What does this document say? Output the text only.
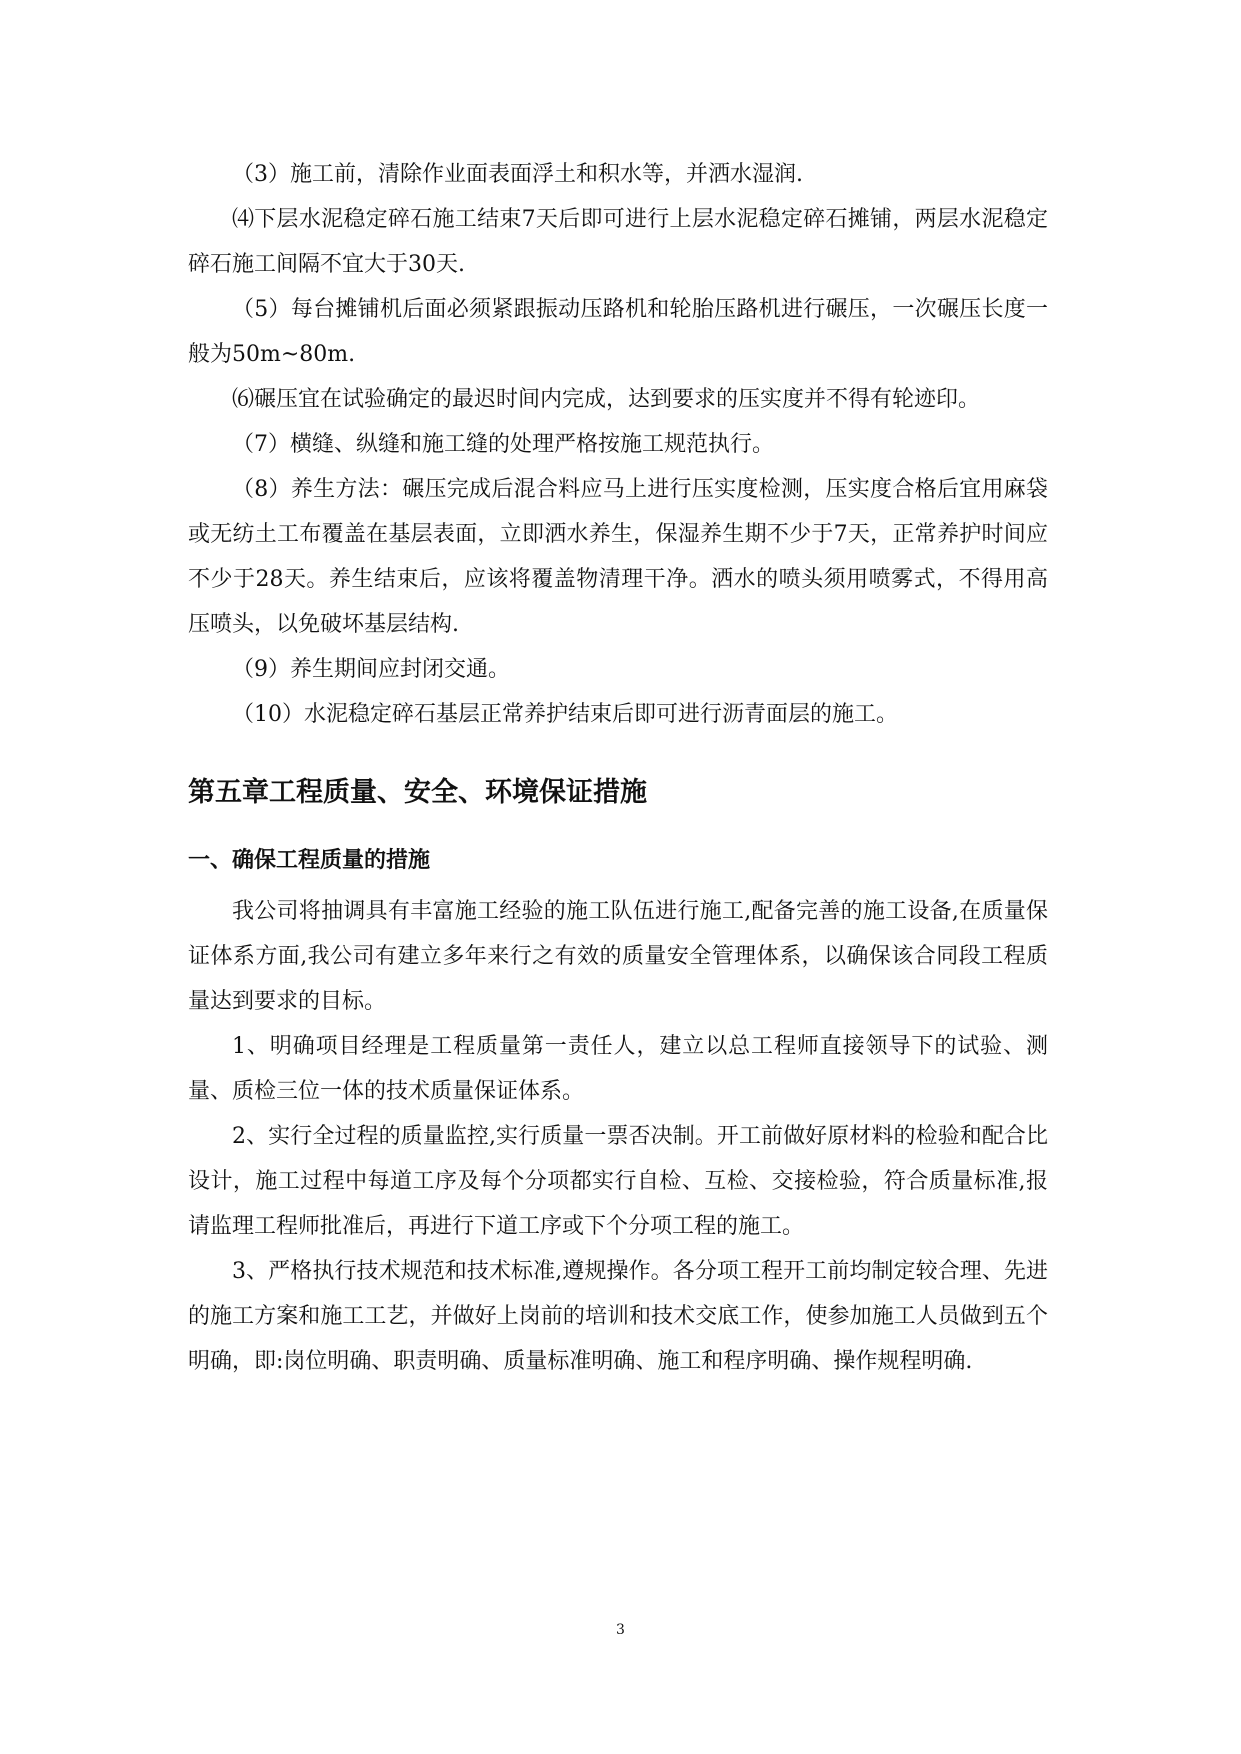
（3）施工前，清除作业面表面浮土和积水等，并洒水湿润.

⑷下层水泥稳定碎石施工结束7天后即可进行上层水泥稳定碎石摊铺，两层水泥稳定碎石施工间隔不宜大于30天.

（5）每台摊铺机后面必须紧跟振动压路机和轮胎压路机进行碾压，一次碾压长度一般为50m~80m.

⑹碾压宜在试验确定的最迟时间内完成，达到要求的压实度并不得有轮迹印。

（7）横缝、纵缝和施工缝的处理严格按施工规范执行。

（8）养生方法：碾压完成后混合料应马上进行压实度检测，压实度合格后宜用麻袋或无纺土工布覆盖在基层表面，立即洒水养生，保湿养生期不少于7天，正常养护时间应不少于28天。养生结束后，应该将覆盖物清理干净。洒水的喷头须用喷雾式，不得用高压喷头，以免破坏基层结构.

（9）养生期间应封闭交通。

（10）水泥稳定碎石基层正常养护结束后即可进行沥青面层的施工。

第五章工程质量、安全、环境保证措施
一、确保工程质量的措施

我公司将抽调具有丰富施工经验的施工队伍进行施工,配备完善的施工设备,在质量保证体系方面,我公司有建立多年来行之有效的质量安全管理体系，以确保该合同段工程质量达到要求的目标。

1、明确项目经理是工程质量第一责任人，建立以总工程师直接领导下的试验、测量、质检三位一体的技术质量保证体系。

2、实行全过程的质量监控,实行质量一票否决制。开工前做好原材料的检验和配合比设计，施工过程中每道工序及每个分项都实行自检、互检、交接检验，符合质量标准,报请监理工程师批准后，再进行下道工序或下个分项工程的施工。

3、严格执行技术规范和技术标准,遵规操作。各分项工程开工前均制定较合理、先进的施工方案和施工工艺，并做好上岗前的培训和技术交底工作，使参加施工人员做到五个明确，即:岗位明确、职责明确、质量标准明确、施工和程序明确、操作规程明确.

3
